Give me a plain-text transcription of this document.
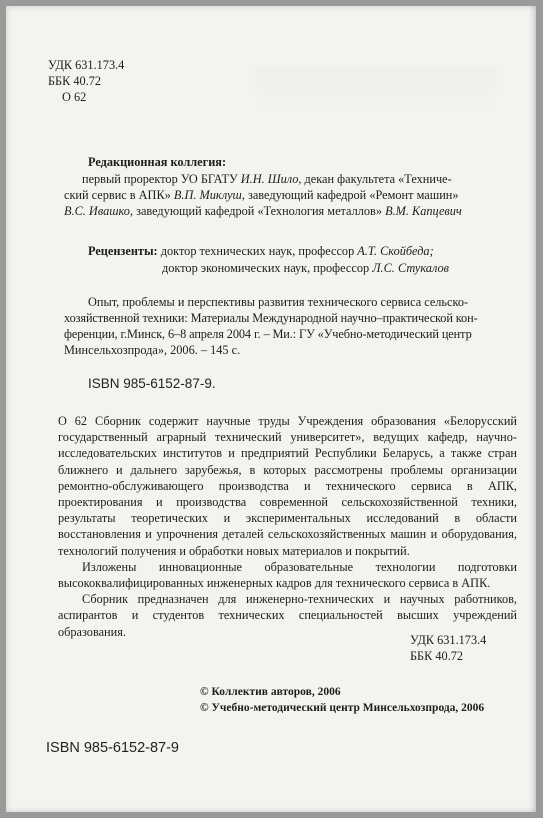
УДК 631.173.4
ББК 40.72
О 62
Редакционная коллегия:
первый проректор УО БГАТУ И.Н. Шило, декан факультета «Техниче-
ский сервис в АПК» В.П. Миклуш, заведующий кафедрой «Ремонт машин»
В.С. Ивашко, заведующий кафедрой «Технология металлов» В.М. Капцевич
Рецензенты: доктор технических наук, профессор А.Т. Скойбеда;
доктор экономических наук, профессор Л.С. Стукалов
Опыт, проблемы и перспективы развития технического сервиса сельско-
хозяйственной техники: Материалы Международной научно–практической кон-
ференции, г.Минск, 6–8 апреля 2004 г. – Ми.: ГУ «Учебно-методический центр
Минсельхозпрода», 2006. – 145 с.
ISBN 985-6152-87-9.

О 62 Сборник содержит научные труды Учреждения образования «Белорусский государственный аграрный технический университет», ведущих кафедр, научно-исследовательских институтов и предприятий Республики Беларусь, а также стран ближнего и дальнего зарубежья, в которых рассмотрены проблемы организации ремонтно-обслуживающего производства и технического сервиса в АПК, проектирования и производства современной сельскохозяйственной техники, результаты теоретических и экспериментальных исследований в области восстановления и упрочнения деталей сельскохозяйственных машин и оборудования, технологий получения и обработки новых материалов и покрытий.

Изложены инновационные образовательные технологии подготовки высококвалифицированных инженерных кадров для технического сервиса в АПК.

Сборник предназначен для инженерно-технических и научных работников, аспирантов и студентов технических специальностей высших учреждений образования.

УДК 631.173.4
ББК 40.72
© Коллектив авторов, 2006
© Учебно-методический центр Минсельхозпрода, 2006
ISBN 985-6152-87-9
